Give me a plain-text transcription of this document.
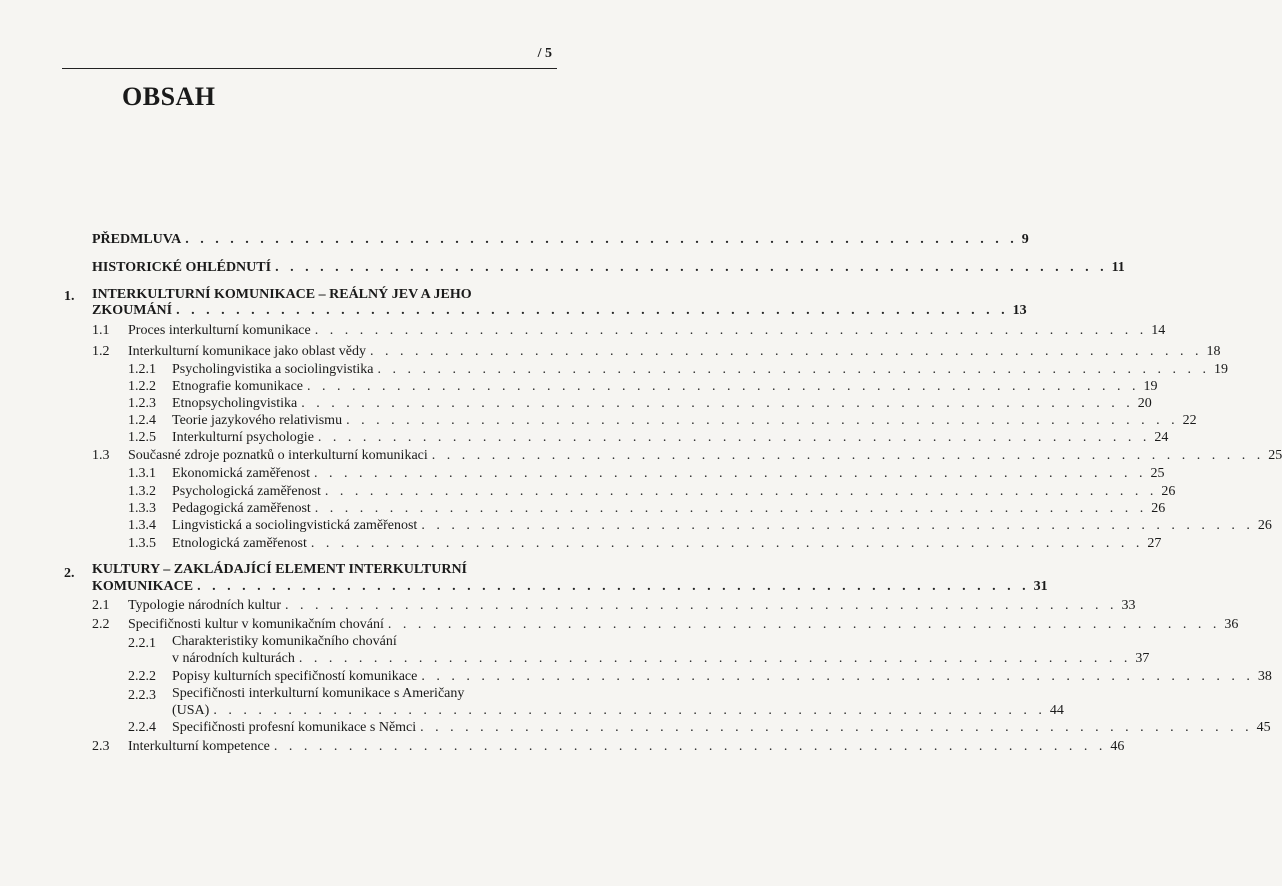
/ 5
OBSAH
PŘEDMLUVA . . . . . . . . . . . . . . . . . . . . . . . . . . . . . . . . . . . . . . . . . . . . . . . . . . . . . . . . 9
HISTORICKÉ OHLÉDNUTÍ . . . . . . . . . . . . . . . . . . . . . . . . . . . . . . . . . . . . . . . . . . . . . . . . . . . . . . . . 11
1. INTERKULTURNÍ KOMUNIKACE – REÁLNÝ JEV A JEHO
ZKOUMÁNÍ . . . . . . . . . . . . . . . . . . . . . . . . . . . . . . . . . . . . . . . . . . . . . . . . . . . . . . . . 13
1.1	Proces interkulturní komunikace . . . . . . . . . . . . . . . . . . . . . . . . . . . . . . . . . . . . . . . . . . . . . . . . . . . . . . . . 14
1.2	Interkulturní komunikace jako oblast vědy . . . . . . . . . . . . . . . . . . . . . . . . . . . . . . . . . . . . . . . . . . . . . . . . . . . . . . . . 18
1.2.1	Psycholingvistika a sociolingvistika . . . . . . . . . . . . . . . . . . . . . . . . . . . . . . . . . . . . . . . . . . . . . . . . . . . . . . . . 19
1.2.2	Etnografie komunikace . . . . . . . . . . . . . . . . . . . . . . . . . . . . . . . . . . . . . . . . . . . . . . . . . . . . . . . . 19
1.2.3	Etnopsycholingvistika . . . . . . . . . . . . . . . . . . . . . . . . . . . . . . . . . . . . . . . . . . . . . . . . . . . . . . . . 20
1.2.4	Teorie jazykového relativismu . . . . . . . . . . . . . . . . . . . . . . . . . . . . . . . . . . . . . . . . . . . . . . . . . . . . . . . . 22
1.2.5	Interkulturní psychologie . . . . . . . . . . . . . . . . . . . . . . . . . . . . . . . . . . . . . . . . . . . . . . . . . . . . . . . . 24
1.3	Současné zdroje poznatků o interkulturní komunikaci . . . . . . . . . . . . . . . . . . . . . . . . . . . . . . . . . . . . . . . . . . . . . . . . . . . . . . . . 25
1.3.1	Ekonomická zaměřenost . . . . . . . . . . . . . . . . . . . . . . . . . . . . . . . . . . . . . . . . . . . . . . . . . . . . . . . . 25
1.3.2	Psychologická zaměřenost . . . . . . . . . . . . . . . . . . . . . . . . . . . . . . . . . . . . . . . . . . . . . . . . . . . . . . . . 26
1.3.3	Pedagogická zaměřenost . . . . . . . . . . . . . . . . . . . . . . . . . . . . . . . . . . . . . . . . . . . . . . . . . . . . . . . . 26
1.3.4	Lingvistická a sociolingvistická zaměřenost . . . . . . . . . . . . . . . . . . . . . . . . . . . . . . . . . . . . . . . . . . . . . . . . . . . . . . . . 26
1.3.5	Etnologická zaměřenost . . . . . . . . . . . . . . . . . . . . . . . . . . . . . . . . . . . . . . . . . . . . . . . . . . . . . . . . 27
2. KULTURY – ZAKLÁDAJÍCÍ ELEMENT INTERKULTURNÍ
KOMUNIKACE . . . . . . . . . . . . . . . . . . . . . . . . . . . . . . . . . . . . . . . . . . . . . . . . . . . . . . . . 31
2.1	Typologie národních kultur . . . . . . . . . . . . . . . . . . . . . . . . . . . . . . . . . . . . . . . . . . . . . . . . . . . . . . . . 33
2.2	Specifičnosti kultur v komunikačním chování . . . . . . . . . . . . . . . . . . . . . . . . . . . . . . . . . . . . . . . . . . . . . . . . . . . . . . . . 36
2.2.1 Charakteristiky komunikačního chování
v národních kulturách . . . . . . . . . . . . . . . . . . . . . . . . . . . . . . . . . . . . . . . . . . . . . . . . . . . . . . . . 37
2.2.2	Popisy kulturních specifičností komunikace . . . . . . . . . . . . . . . . . . . . . . . . . . . . . . . . . . . . . . . . . . . . . . . . . . . . . . . . 38
2.2.3 Specifičnosti interkulturní komunikace s Američany
(USA) . . . . . . . . . . . . . . . . . . . . . . . . . . . . . . . . . . . . . . . . . . . . . . . . . . . . . . . . 44
2.2.4	Specifičnosti profesní komunikace s Němci . . . . . . . . . . . . . . . . . . . . . . . . . . . . . . . . . . . . . . . . . . . . . . . . . . . . . . . . 45
2.3	Interkulturní kompetence . . . . . . . . . . . . . . . . . . . . . . . . . . . . . . . . . . . . . . . . . . . . . . . . . . . . . . . . 46
